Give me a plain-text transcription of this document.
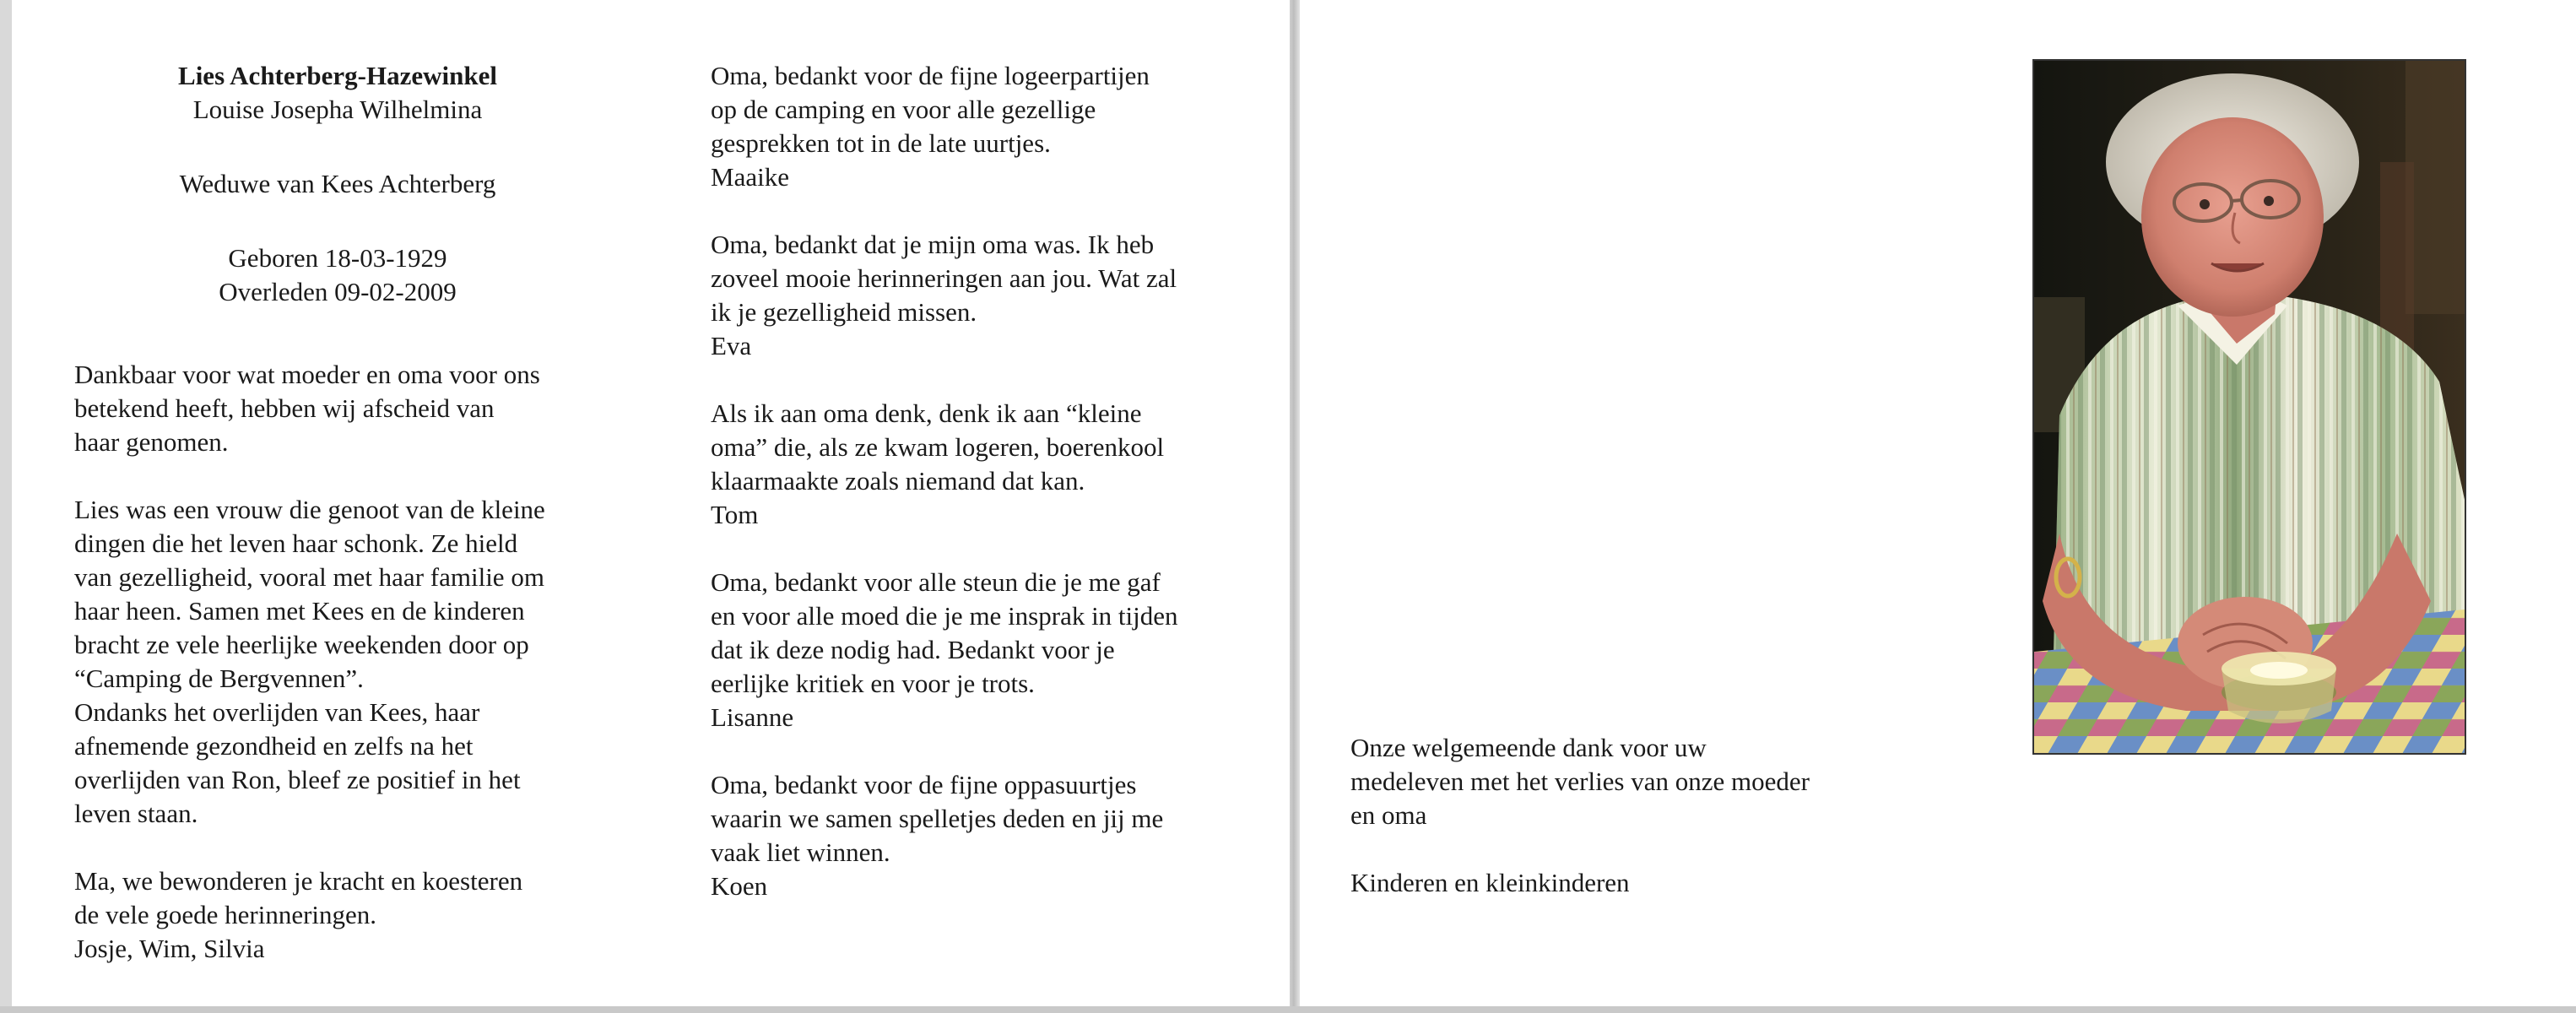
Lies Achterberg-Hazewinkel
Louise Josepha Wilhelmina
Weduwe van Kees Achterberg
Geboren 18-03-1929
Overleden 09-02-2009
Dankbaar voor wat moeder en oma voor ons
betekend heeft, hebben wij afscheid van
haar genomen.
Lies was een vrouw die genoot van de kleine
dingen die het leven haar schonk. Ze hield
van gezelligheid, vooral met haar familie om
haar heen. Samen met Kees en de kinderen
bracht ze vele heerlijke weekenden door op
“Camping de Bergvennen”.
Ondanks het overlijden van Kees, haar
afnemende gezondheid en zelfs na het
overlijden van Ron, bleef ze positief in het
leven staan.
Ma, we bewonderen je kracht en koesteren
de vele goede herinneringen.
Josje, Wim, Silvia
Oma, bedankt voor de fijne logeerpartijen
op de camping en voor alle gezellige
gesprekken tot in de late uurtjes.
Maaike
Oma, bedankt dat je mijn oma was. Ik heb
zoveel mooie herinneringen aan jou. Wat zal
ik je gezelligheid missen.
Eva
Als ik aan oma denk, denk ik aan “kleine
oma” die, als ze kwam logeren, boerenkool
klaarmaakte zoals niemand dat kan.
Tom
Oma, bedankt voor alle steun die je me gaf
en voor alle moed die je me insprak in tijden
dat ik deze nodig had. Bedankt voor je
eerlijke kritiek en voor je trots.
Lisanne
Oma, bedankt voor de fijne oppasuurtjes
waarin we samen spelletjes deden en jij me
vaak liet winnen.
Koen
Onze welgemeende dank voor uw
medeleven met het verlies van onze moeder
en oma
Kinderen en kleinkinderen
